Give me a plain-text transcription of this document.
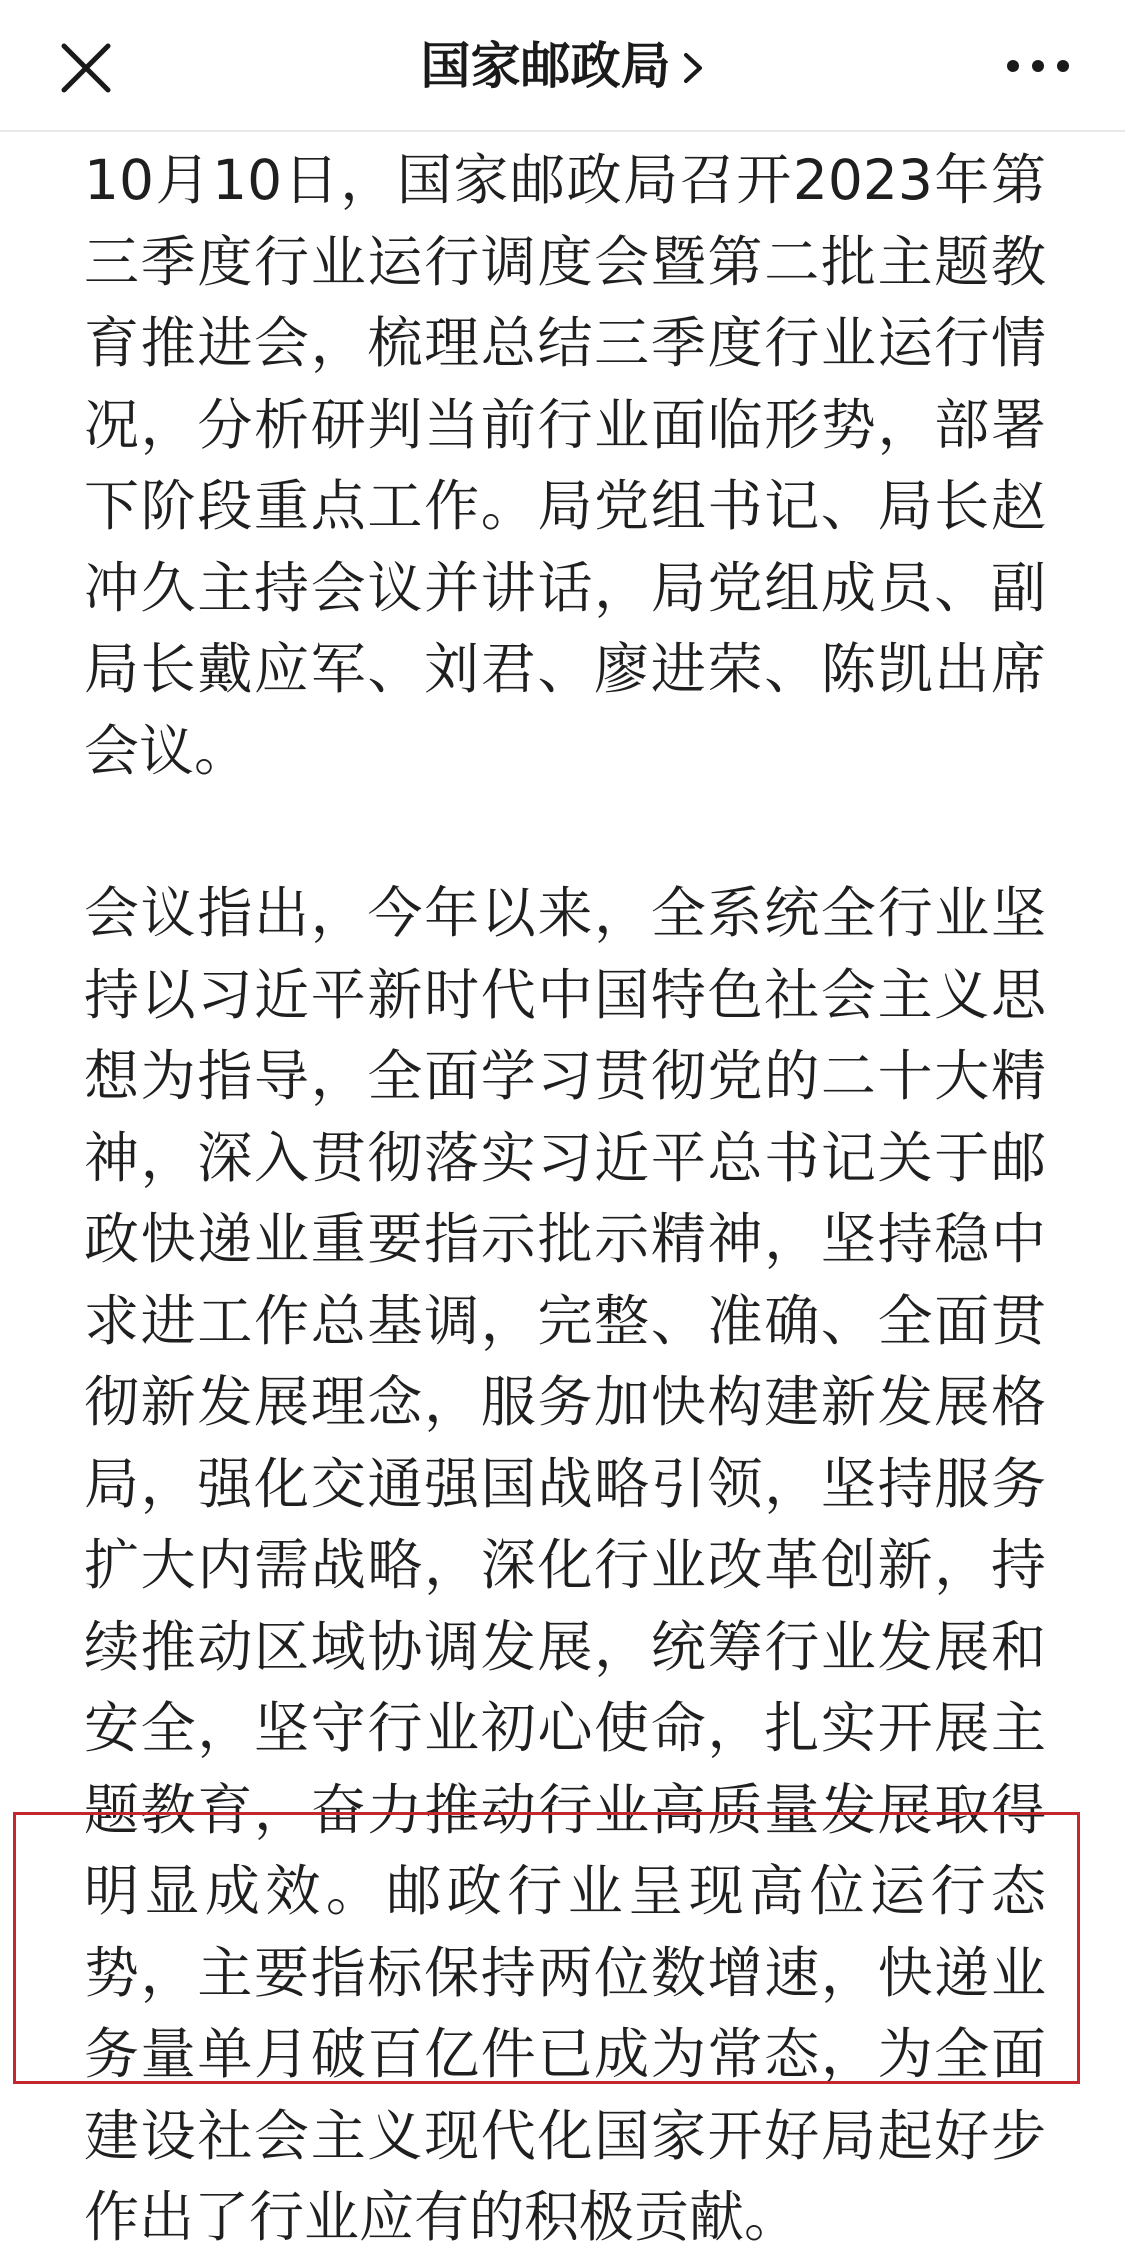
国家邮政局

10月10日，国家邮政局召开2023年第三季度行业运行调度会暨第二批主题教育推进会，梳理总结三季度行业运行情况，分析研判当前行业面临形势，部署下阶段重点工作。局党组书记、局长赵冲久主持会议并讲话，局党组成员、副局长戴应军、刘君、廖进荣、陈凯出席会议。

会议指出，今年以来，全系统全行业坚持以习近平新时代中国特色社会主义思想为指导，全面学习贯彻党的二十大精神，深入贯彻落实习近平总书记关于邮政快递业重要指示批示精神，坚持稳中求进工作总基调，完整、准确、全面贯彻新发展理念，服务加快构建新发展格局，强化交通强国战略引领，坚持服务扩大内需战略，深化行业改革创新，持续推动区域协调发展，统筹行业发展和安全，坚守行业初心使命，扎实开展主题教育，奋力推动行业高质量发展取得明显成效。邮政行业呈现高位运行态势，主要指标保持两位数增速，快递业务量单月破百亿件已成为常态，为全面建设社会主义现代化国家开好局起好步作出了行业应有的积极贡献。
